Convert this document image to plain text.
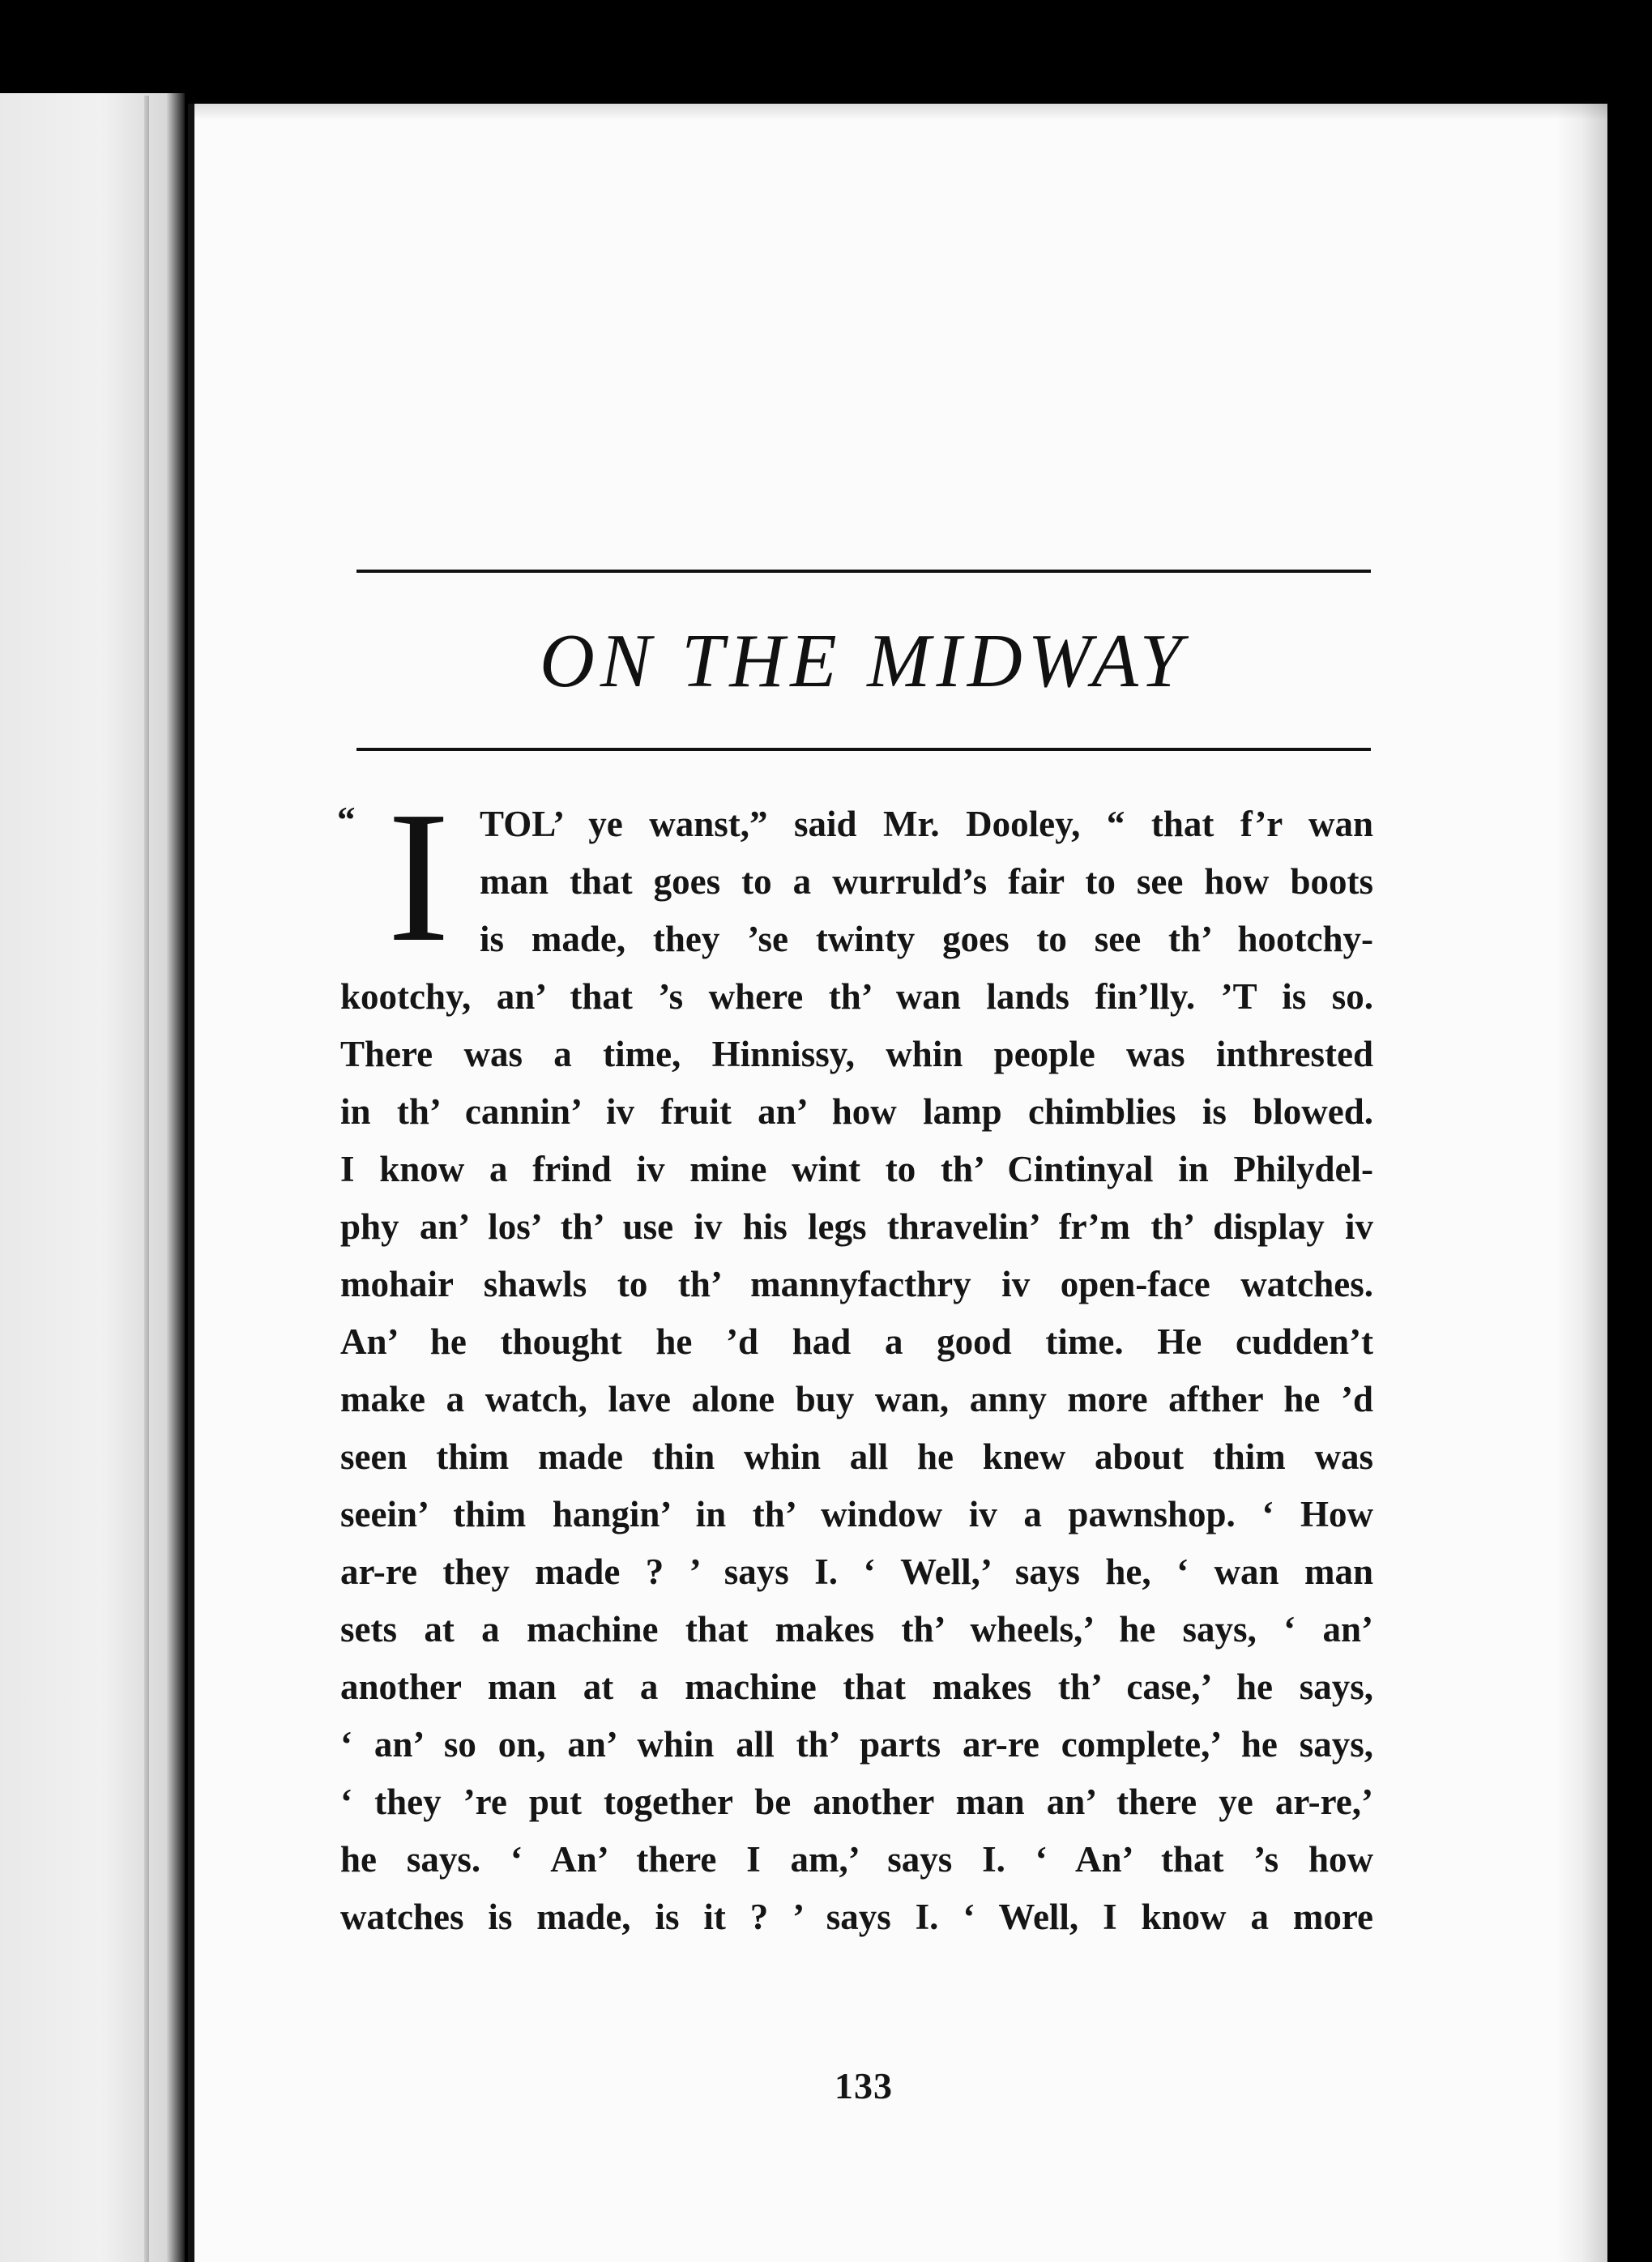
ON THE MIDWAY
“ I TOL’ ye wanst,” said Mr. Dooley, “ that f’r wan
man that goes to a wurruld’s fair to see how boots
is made, they ’se twinty goes to see th’ hootchy-
kootchy, an’ that ’s where th’ wan lands fin’lly. ’T is so.
There was a time, Hinnissy, whin people was inthrested
in th’ cannin’ iv fruit an’ how lamp chimblies is blowed.
I know a frind iv mine wint to th’ Cintinyal in Philydel-
phy an’ los’ th’ use iv his legs thravelin’ fr’m th’ display iv
mohair shawls to th’ mannyfacthry iv open-face watches.
An’ he thought he ’d had a good time. He cudden’t
make a watch, lave alone buy wan, anny more afther he ’d
seen thim made thin whin all he knew about thim was
seein’ thim hangin’ in th’ window iv a pawnshop. ‘ How
ar-re they made ? ’ says I. ‘ Well,’ says he, ‘ wan man
sets at a machine that makes th’ wheels,’ he says, ‘ an’
another man at a machine that makes th’ case,’ he says,
‘ an’ so on, an’ whin all th’ parts ar-re complete,’ he says,
‘ they ’re put together be another man an’ there ye ar-re,’
he says. ‘ An’ there I am,’ says I. ‘ An’ that ’s how
watches is made, is it ? ’ says I. ‘ Well, I know a more
133
